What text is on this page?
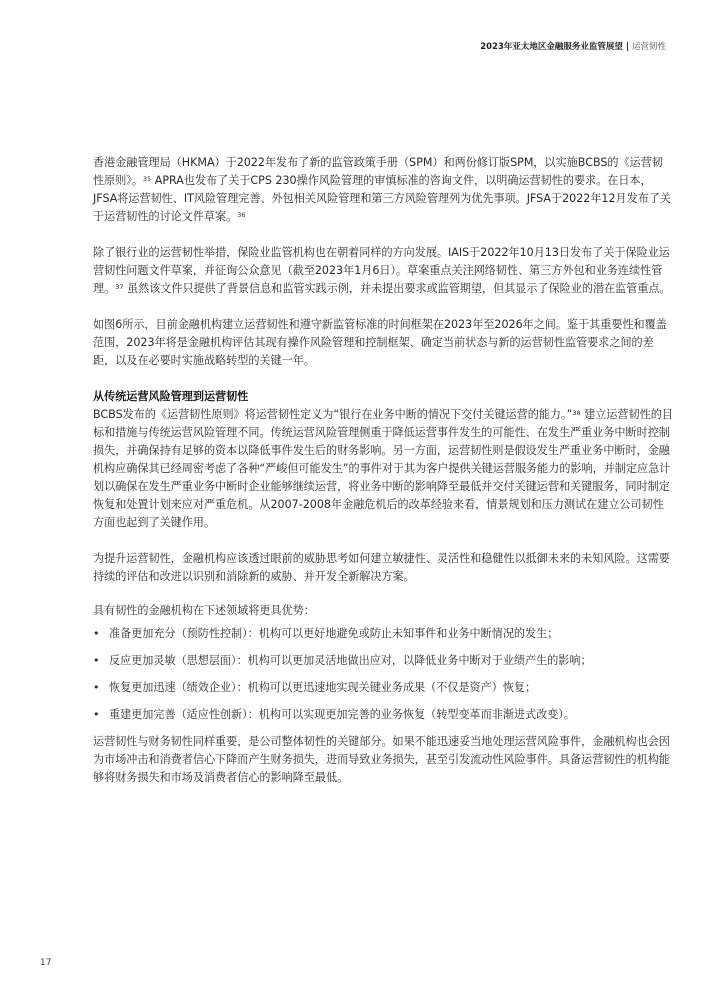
2023年亚太地区金融服务业监管展望 | 运营韧性

香港金融管理局（HKMA）于2022年发布了新的监管政策手册（SPM）和两份修订版SPM，以实施BCBS的《运营韧性原则》。$^{35}$ APRA也发布了关于CPS 230操作风险管理的审慎标准的咨询文件，以明确运营韧性的要求。在日本，JFSA将运营韧性、IT风险管理完善、外包相关风险管理和第三方风险管理列为优先事项。JFSA于2022年12月发布了关于运营韧性的讨论文件草案。$^{36}$

除了银行业的运营韧性举措，保险业监管机构也在朝着同样的方向发展。IAIS于2022年10月13日发布了关于保险业运营韧性问题文件草案，并征询公众意见（截至2023年1月6日）。草案重点关注网络韧性、第三方外包和业务连续性管理。$^{37}$ 虽然该文件只提供了背景信息和监管实践示例，并未提出要求或监管期望，但其显示了保险业的潜在监管重点。

如图6所示，目前金融机构建立运营韧性和遵守新监管标准的时间框架在2023年至2026年之间。鉴于其重要性和覆盖范围，2023年将是金融机构评估其现有操作风险管理和控制框架、确定当前状态与新的运营韧性监管要求之间的差距，以及在必要时实施战略转型的关键一年。

从传统运营风险管理到运营韧性

BCBS发布的《运营韧性原则》将运营韧性定义为“银行在业务中断的情况下交付关键运营的能力。”$^{38}$ 建立运营韧性的目标和措施与传统运营风险管理不同。传统运营风险管理侧重于降低运营事件发生的可能性、在发生严重业务中断时控制损失，并确保持有足够的资本以降低事件发生后的财务影响。另一方面，运营韧性则是假设发生严重业务中断时，金融机构应确保其已经周密考虑了各种“严峻但可能发生”的事件对于其为客户提供关键运营服务能力的影响，并制定应急计划以确保在发生严重业务中断时企业能够继续运营，将业务中断的影响降至最低并交付关键运营和关键服务，同时制定恢复和处置计划来应对严重危机。从2007-2008年金融危机后的改革经验来看，情景规划和压力测试在建立公司韧性方面也起到了关键作用。

为提升运营韧性，金融机构应该透过眼前的威胁思考如何建立敏捷性、灵活性和稳健性以抵御未来的未知风险。这需要持续的评估和改进以识别和消除新的威胁、并开发全新解决方案。

具有韧性的金融机构在下述领域将更具优势：

• 准备更加充分（预防性控制）：机构可以更好地避免或防止未知事件和业务中断情况的发生；
• 反应更加灵敏（思想层面）：机构可以更加灵活地做出应对，以降低业务中断对于业绩产生的影响；
• 恢复更加迅速（绩效企业）：机构可以更迅速地实现关键业务成果（不仅是资产）恢复；
• 重建更加完善（适应性创新）：机构可以实现更加完善的业务恢复（转型变革而非渐进式改变）。

运营韧性与财务韧性同样重要，是公司整体韧性的关键部分。如果不能迅速妥当地处理运营风险事件，金融机构也会因为市场冲击和消费者信心下降而产生财务损失，进而导致业务损失，甚至引发流动性风险事件。具备运营韧性的机构能够将财务损失和市场及消费者信心的影响降至最低。

17
